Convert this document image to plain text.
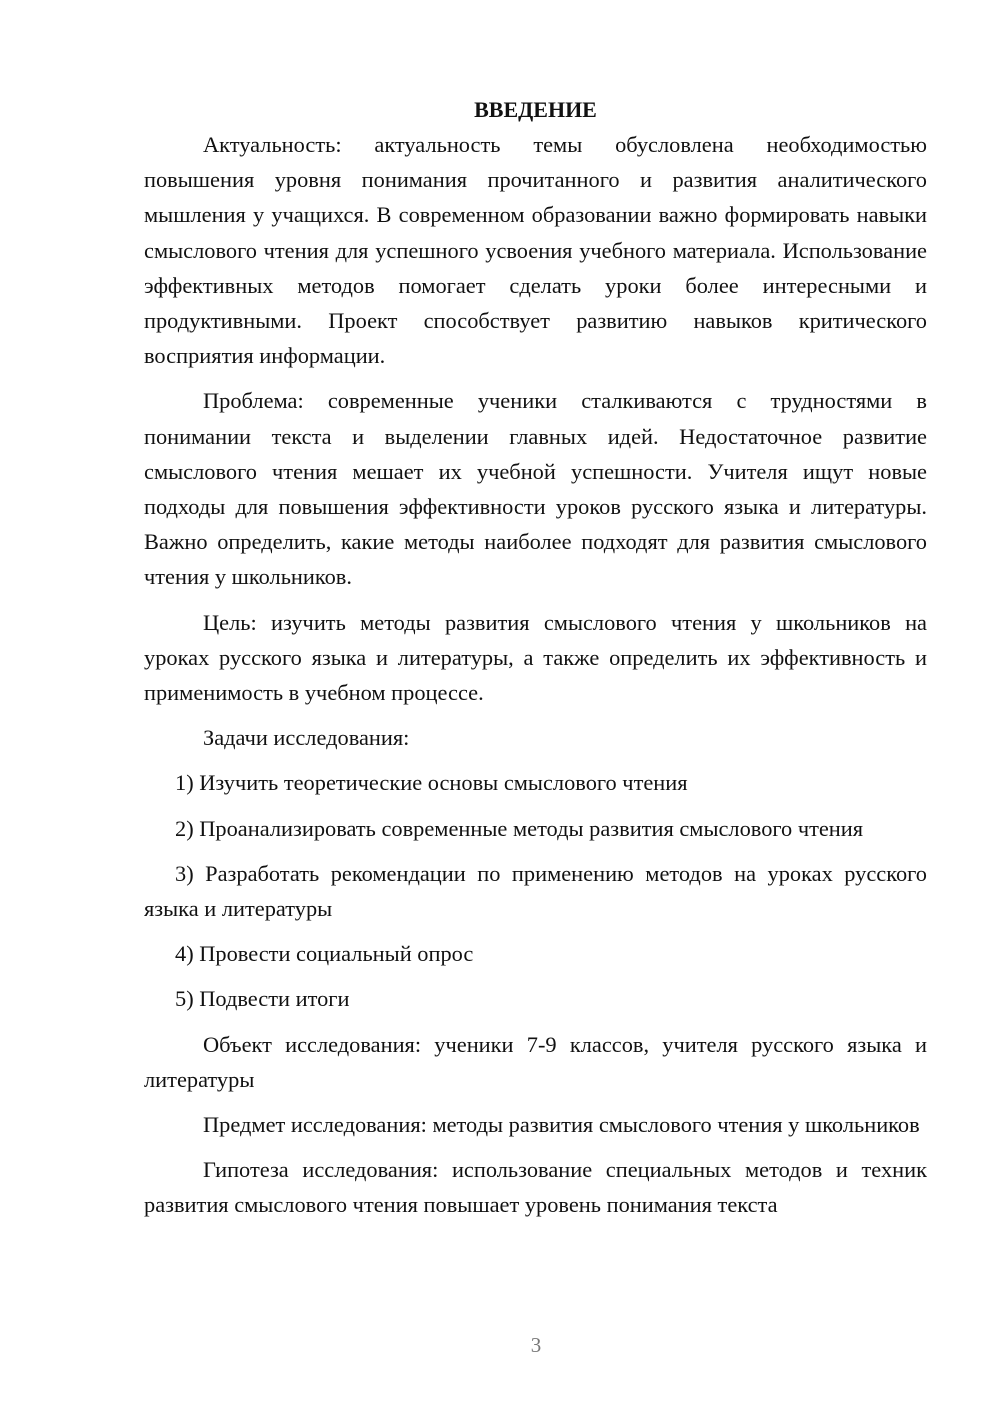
ВВЕДЕНИЕ

Актуальность: актуальность темы обусловлена необходимостью повышения уровня понимания прочитанного и развития аналитического мышления у учащихся. В современном образовании важно формировать навыки смыслового чтения для успешного усвоения учебного материала. Использование эффективных методов помогает сделать уроки более интересными и продуктивными. Проект способствует развитию навыков критического восприятия информации.

Проблема: современные ученики сталкиваются с трудностями в понимании текста и выделении главных идей. Недостаточное развитие смыслового чтения мешает их учебной успешности. Учителя ищут новые подходы для повышения эффективности уроков русского языка и литературы. Важно определить, какие методы наиболее подходят для развития смыслового чтения у школьников.

Цель: изучить методы развития смыслового чтения у школьников на уроках русского языка и литературы, а также определить их эффективность и применимость в учебном процессе.

Задачи исследования:

1) Изучить теоретические основы смыслового чтения

2) Проанализировать современные методы развития смыслового чтения

3) Разработать рекомендации по применению методов на уроках русского языка и литературы

4) Провести социальный опрос

5) Подвести итоги

Объект исследования: ученики 7-9 классов, учителя русского языка и литературы

Предмет исследования: методы развития смыслового чтения у школьников

Гипотеза исследования: использование специальных методов и техник развития смыслового чтения повышает уровень понимания текста

3
